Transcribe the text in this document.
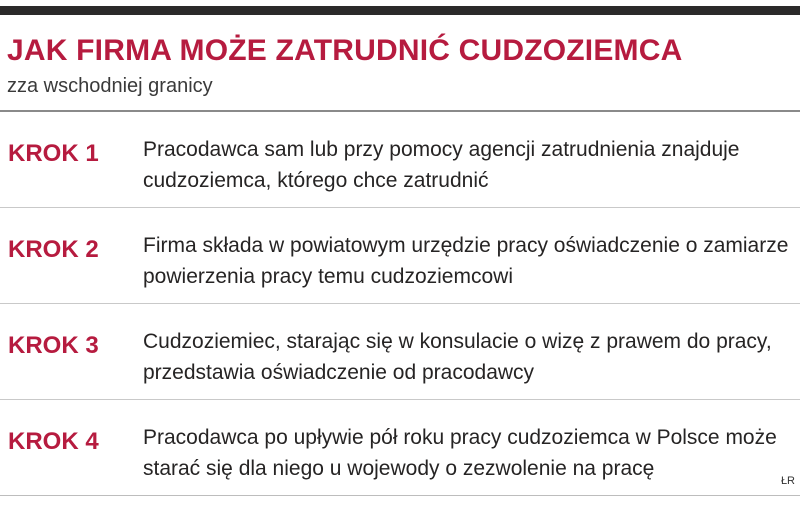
JAK FIRMA MOŻE ZATRUDNIĆ CUDZOZIEMCA
zza wschodniej granicy
KROK 1 Pracodawca sam lub przy pomocy agencji zatrudnienia znajduje cudzoziemca, którego chce zatrudnić
KROK 2 Firma składa w powiatowym urzędzie pracy oświadczenie o zamiarze powierzenia pracy temu cudzoziemcowi
KROK 3 Cudzoziemiec, starając się w konsulacie o wizę z prawem do pracy, przedstawia oświadczenie od pracodawcy
KROK 4 Pracodawca po upływie pół roku pracy cudzoziemca w Polsce może starać się dla niego u wojewody o zezwolenie na pracę
ŁR
